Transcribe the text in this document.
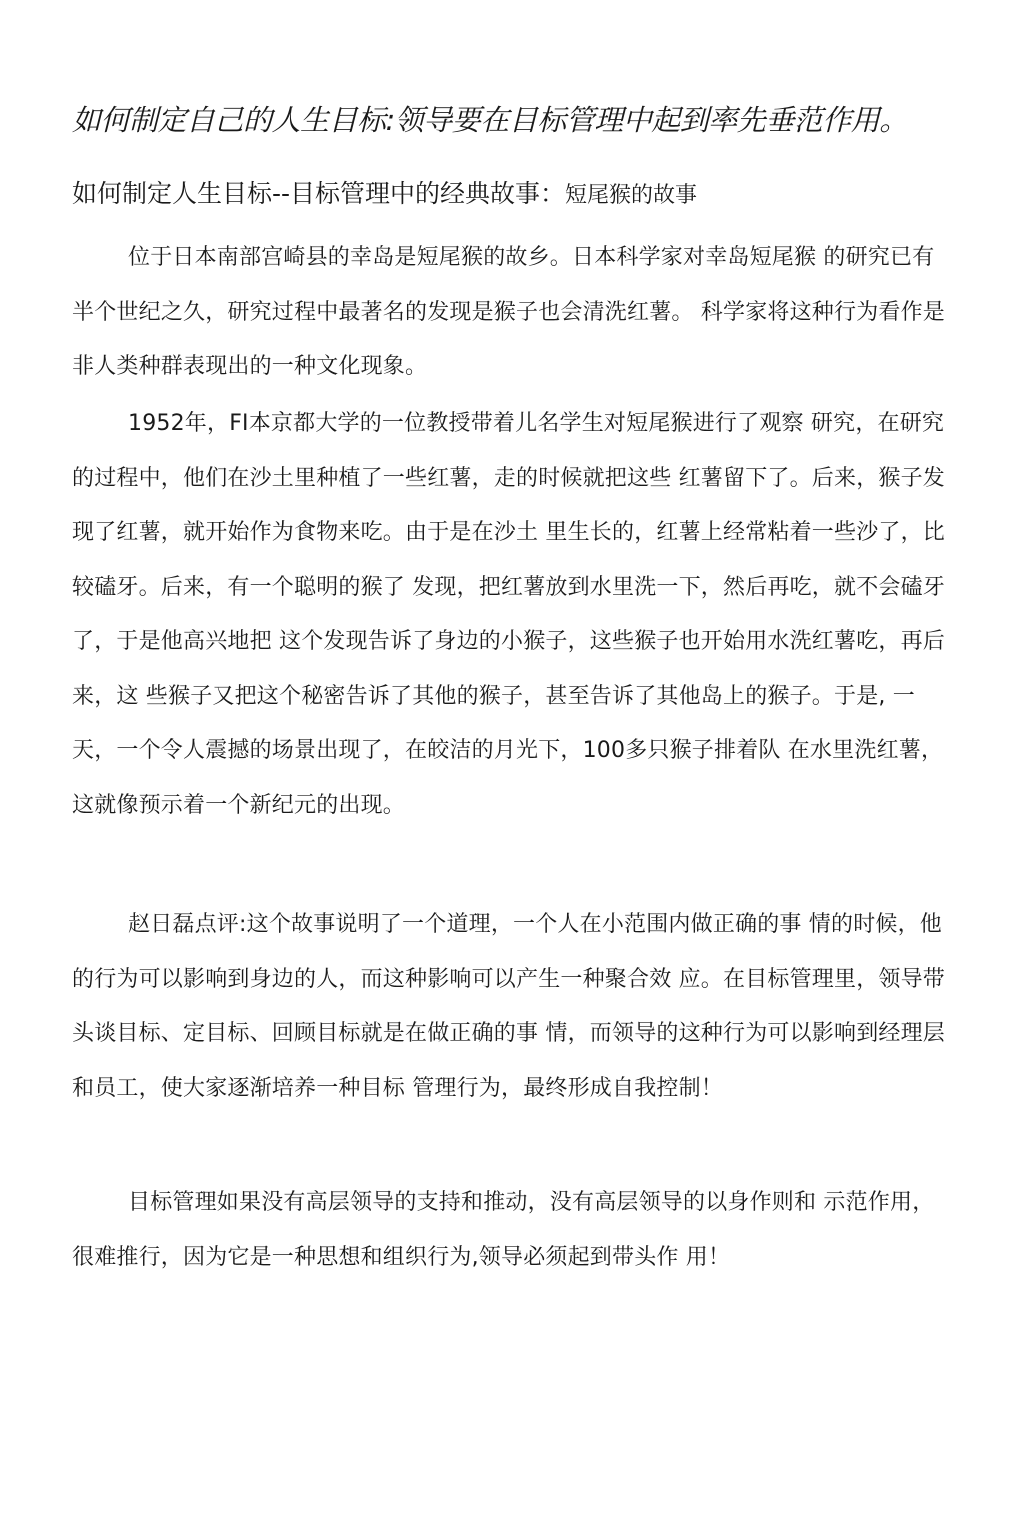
如何制定自己的人生目标:领导要在目标管理中起到率先垂范作用。
如何制定人生目标--目标管理中的经典故事：短尾猴的故事

位于日本南部宫崎县的幸岛是短尾猴的故乡。日本科学家对幸岛短尾猴 的研究已有半个世纪之久，研究过程中最著名的发现是猴子也会清洗红薯。 科学家将这种行为看作是非人类种群表现出的一种文化现象。

1952年，FI本京都大学的一位教授带着儿名学生对短尾猴进行了观察 研究，在研究的过程中，他们在沙土里种植了一些红薯，走的时候就把这些 红薯留下了。后来，猴子发现了红薯，就开始作为食物来吃。由于是在沙土 里生长的，红薯上经常粘着一些沙了，比较磕牙。后来，有一个聪明的猴了 发现，把红薯放到水里洗一下，然后再吃，就不会磕牙了，于是他高兴地把 这个发现告诉了身边的小猴子，这些猴子也开始用水洗红薯吃，再后来，这 些猴子又把这个秘密告诉了其他的猴子，甚至告诉了其他岛上的猴子。于是, 一天，一个令人震撼的场景出现了，在皎洁的月光下，100多只猴子排着队 在水里洗红薯，这就像预示着一个新纪元的出现。

赵日磊点评:这个故事说明了一个道理，一个人在小范围内做正确的事 情的时候，他的行为可以影响到身边的人，而这种影响可以产生一种聚合效 应。在目标管理里，领导带头谈目标、定目标、回顾目标就是在做正确的事 情，而领导的这种行为可以影响到经理层和员工，使大家逐渐培养一种目标 管理行为，最终形成自我控制！

目标管理如果没有高层领导的支持和推动，没有高层领导的以身作则和 示范作用，很难推行，因为它是一种思想和组织行为,领导必须起到带头作 用！
